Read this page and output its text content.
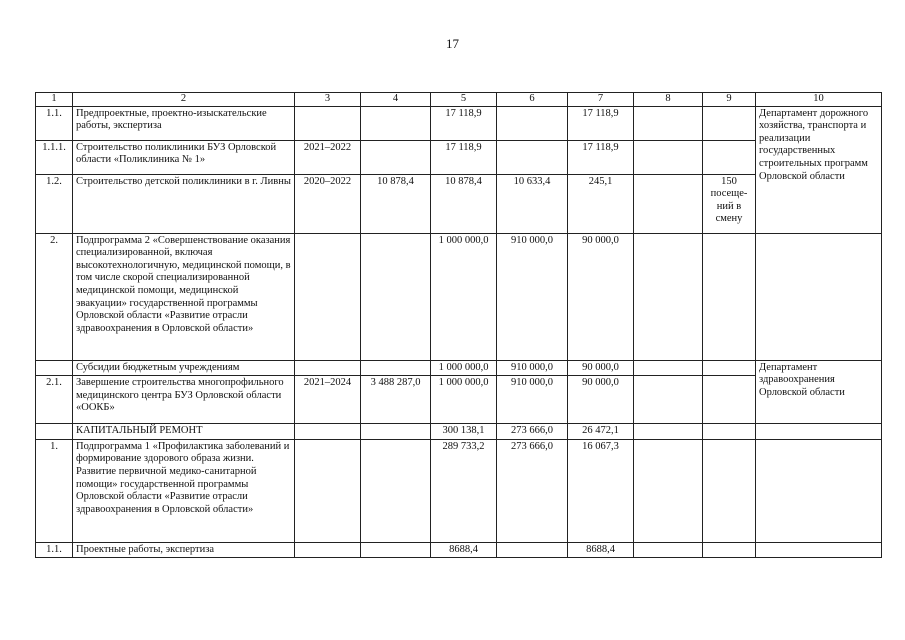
17
1	2	3	4	5	6	7	8	9	10
1.1.	Предпроектные, проектно-изыскательские работы, экспертиза			17 118,9		17 118,9			Департамент дорожного хозяйства, транспорта и реализации государственных строительных программ Орловской области
1.1.1.	Строительство поликлиники БУЗ Орловской области «Поликлиника № 1»	2021–2022		17 118,9		17 118,9			
1.2.	Строительство детской поликлиники в г. Ливны	2020–2022	10 878,4	10 878,4	10 633,4	245,1		150 посеще-ний в смену	
2.	Подпрограмма 2 «Совершенствование оказания специализированной, включая высокотехнологичную, медицинской помощи, в том числе скорой специализированной медицинской помощи, медицинской эвакуации» государственной программы Орловской области «Развитие отрасли здравоохранения в Орловской области»			1 000 000,0	910 000,0	90 000,0			
	Субсидии бюджетным учреждениям			1 000 000,0	910 000,0	90 000,0			Департамент здравоохранения Орловской области
2.1.	Завершение строительства многопрофильного медицинского центра БУЗ Орловской области «ООКБ»	2021–2024	3 488 287,0	1 000 000,0	910 000,0	90 000,0			
	КАПИТАЛЬНЫЙ РЕМОНТ			300 138,1	273 666,0	26 472,1			
1.	Подпрограмма 1 «Профилактика заболеваний и формирование здорового образа жизни. Развитие первичной медико-санитарной помощи» государственной программы Орловской области «Развитие отрасли здравоохранения в Орловской области»			289 733,2	273 666,0	16 067,3			
1.1.	Проектные работы, экспертиза			8688,4		8688,4			
